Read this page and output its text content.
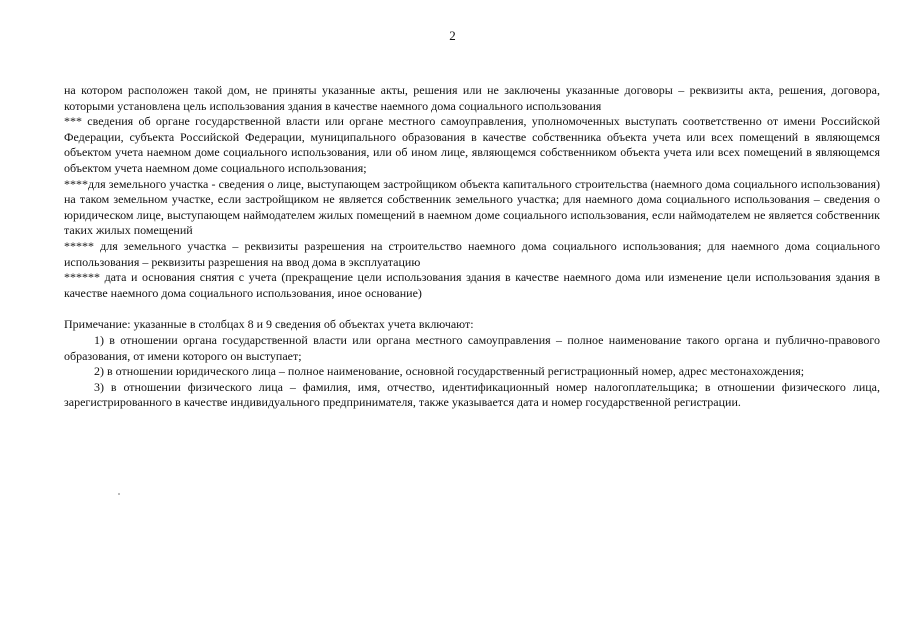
2

на котором расположен такой дом, не приняты указанные акты, решения или не заключены указанные договоры – реквизиты акта, решения, договора, которыми установлена цель использования здания в качестве наемного дома социального использования

*** сведения об органе государственной власти или органе местного самоуправления, уполномоченных выступать соответственно от имени Российской Федерации, субъекта Российской Федерации, муниципального образования в качестве собственника объекта учета или всех помещений в являющемся объектом учета наемном доме социального использования, или об ином лице, являющемся собственником объекта учета или всех помещений в являющемся объектом учета наемном доме социального использования;

****для земельного участка - сведения о лице, выступающем застройщиком объекта капитального строительства (наемного дома социального использования) на таком земельном участке, если застройщиком не является собственник земельного участка; для наемного дома социального использования – сведения о юридическом лице, выступающем наймодателем жилых помещений в наемном доме социального использования, если наймодателем не является собственник таких жилых помещений

***** для земельного участка – реквизиты разрешения на строительство наемного дома социального использования; для наемного дома социального использования – реквизиты разрешения на ввод дома в эксплуатацию

****** дата и основания снятия с учета (прекращение цели использования здания в качестве наемного дома или изменение цели использования здания в качестве наемного дома социального использования, иное основание)

Примечание: указанные в столбцах 8 и 9 сведения об объектах учета включают:

1) в отношении органа государственной власти или органа местного самоуправления – полное наименование такого органа и публично-правового образования, от имени которого он выступает;

2) в отношении юридического лица – полное наименование, основной государственный регистрационный номер, адрес местонахождения;

3) в отношении физического лица – фамилия, имя, отчество, идентификационный номер налогоплательщика; в отношении физического лица, зарегистрированного в качестве индивидуального предпринимателя, также указывается дата и номер государственной регистрации.
